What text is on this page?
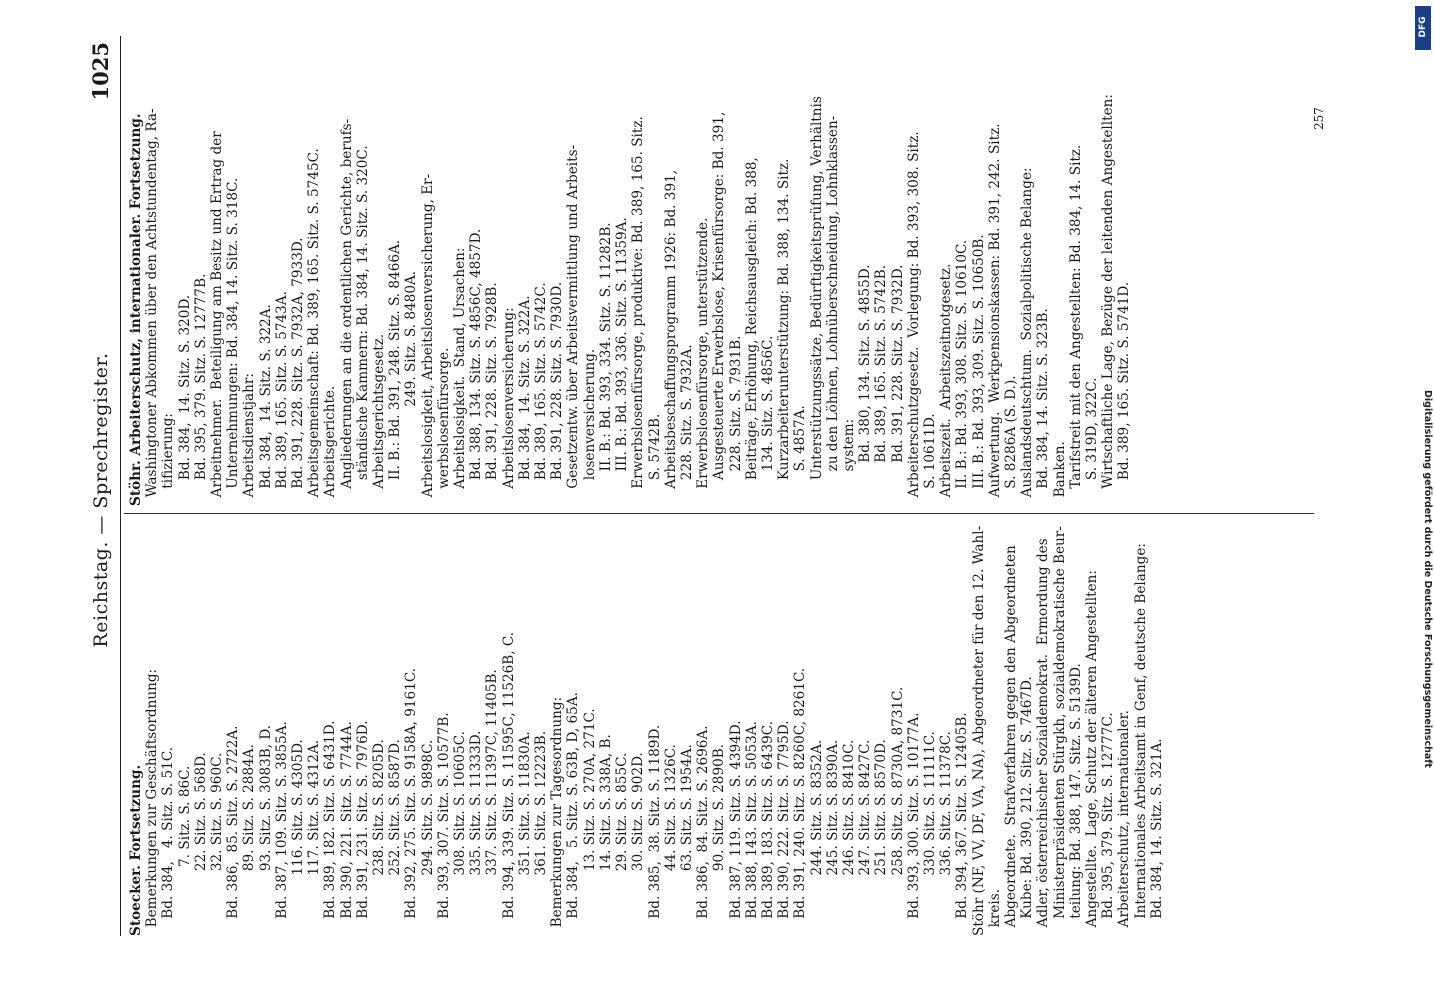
Reichstag. — Sprechregister.
1025
Stoecker. Fortsetzung. Bemerkungen zur Geschäftsordnung: Bd. 384,   4. Sitz. S. 51C. 7. Sitz. S. 86C. 22. Sitz. S. 568D. 32. Sitz. S. 960C. Bd. 386,  85. Sitz. S. 2722A. 89. Sitz. S. 2884A. 93. Sitz. S. 3083B, D. Bd. 387, 109. Sitz. S. 3855A. 116. Sitz. S. 4305D. 117. Sitz. S. 4312A. Bd. 389, 182. Sitz. S. 6431D. Bd. 390, 221. Sitz. S. 7744A. Bd. 391, 231. Sitz. S. 7976D. 238. Sitz. S. 8205D. 252. Sitz. S. 8587D. Bd. 392, 275. Sitz. S. 9158A, 9161C. 294. Sitz. S. 9898C. Bd. 393, 307. Sitz. S. 10577B. 308. Sitz. S. 10605C. 335. Sitz. S. 11333D. 337. Sitz. S. 11397C, 11405B. Bd. 394, 339. Sitz. S. 11595C, 11526B, C. 351. Sitz. S. 11830A. 361. Sitz. S. 12223B. Bemerkungen zur Tagesordnung: Bd. 384,   5. Sitz. S. 63B, D, 65A. 13. Sitz. S. 270A, 271C. 14. Sitz. S. 338A, B. 29. Sitz. S. 855C. 30. Sitz. S. 902D. Bd. 385,  38. Sitz. S. 1189D. 44. Sitz. S. 1326C. 63. Sitz. S. 1954A. Bd. 386,  84. Sitz. S. 2696A. 90. Sitz. S. 2890B. Bd. 387, 119. Sitz. S. 4394D. Bd. 388, 143. Sitz. S. 5053A. Bd. 389, 183. Sitz. S. 6439C. Bd. 390, 222. Sitz. S. 7795D. Bd. 391, 240. Sitz. S. 8260C, 8261C. 244. Sitz. S. 8352A. 245. Sitz. S. 8390A. 246. Sitz. S. 8410C. 247. Sitz. S. 8427C. 251. Sitz. S. 8570D. 258. Sitz. S. 8730A, 8731C. Bd. 393, 300. Sitz. S. 10177A. 330. Sitz. S. 11111C. 336. Sitz. S. 11378C. Bd. 394, 367. Sitz. S. 12405B. Stöhr (NF, VV, DF, VA, NA), Abgeordneter für den 12. Wahl- kreis. Abgeordnete.  Strafverfahren gegen den Abgeordneten Kube: Bd. 390, 212. Sitz. S. 7467D. Adler, österreichischer Sozialdemokrat.  Ermordung des Ministerpräsidenten Stürgkh, sozialdemokratische Beur- teilung: Bd. 388, 147. Sitz. S. 5139D. Angestellte.  Lage, Schutz der älteren Angestellten: Bd. 395, 379. Sitz. S. 12777C. Arbeiterschutz, internationaler. Internationales Arbeitsamt in Genf, deutsche Belange: Bd. 384, 14. Sitz. S. 321A.
Stöhr. Arbeiterschutz, internationaler. Fortsetzung. Washingtoner Abkommen über den Achtstundentag, Ra- tifizierung: Bd. 384,  14. Sitz. S. 320D. Bd. 395, 379. Sitz. S. 12777B. Arbeitnehmer.  Beteiligung am Besitz und Ertrag der Unternehmungen: Bd. 384, 14. Sitz. S. 318C. Arbeitsdienstjahr: Bd. 384,  14. Sitz. S. 322A. Bd. 389, 165. Sitz. S. 5743A. Bd. 391, 228. Sitz. S. 7932A, 7933D. Arbeitsgemeinschaft: Bd. 389, 165. Sitz. S. 5745C. Arbeitsgerichte. Angliederungen an die ordentlichen Gerichte, berufs- ständische Kammern: Bd. 384, 14. Sitz. S. 320C. Arbeitsgerichtsgesetz. II. B.: Bd. 391, 248. Sitz. S. 8466A. 249. Sitz. S. 8480A. Arbeitslosigkeit, Arbeitslosenversicherung, Er- werbslosenfürsorge. Arbeitslosigkeit.  Stand, Ursachen: Bd. 388, 134. Sitz. S. 4856C, 4857D. Bd. 391, 228. Sitz. S. 7928B. Arbeitslosenversicherung: Bd. 384,  14. Sitz. S. 322A. Bd. 389, 165. Sitz. S. 5742C. Bd. 391, 228. Sitz. S. 7930D. Gesetzentw. über Arbeitsvermittlung und Arbeits- losenversicherung. II. B.: Bd. 393, 334. Sitz. S. 11282B. III. B.: Bd. 393, 336. Sitz. S. 11359A. Erwerbslosenfürsorge, produktive: Bd. 389, 165. Sitz. S. 5742B. Arbeitsbeschaffungsprogramm 1926: Bd. 391, 228. Sitz. S. 7932A. Erwerbslosenfürsorge, unterstützende. Ausgesteuerte Erwerbslose, Krisenfürsorge: Bd. 391, 228. Sitz. S. 7931B. Beiträge, Erhöhung, Reichsausgleich: Bd. 388, 134. Sitz. S. 4856C. Kurzarbeiterunterstützung: Bd. 388, 134. Sitz. S. 4857A. Unterstützungssätze, Bedürftigkeitsprüfung, Verhältnis zu den Löhnen, Lohnüberschneidung, Lohnklassen- system: Bd. 380, 134. Sitz. S. 4855D. Bd. 389, 165. Sitz. S. 5742B. Bd. 391, 228. Sitz. S. 7932D. Arbeiterschutzgesetz.  Vorlegung: Bd. 393, 308. Sitz. S. 10611D. Arbeitszeit.  Arbeitszeitnotgesetz. II. B.: Bd. 393, 308. Sitz. S. 10610C. III. B.: Bd. 393, 309. Sitz. S. 10650B. Aufwertung.  Werkpensionskassen: Bd. 391, 242. Sitz. S. 8286A (S. D.). Auslandsdeutschtum.  Sozialpolitische Belange: Bd. 384, 14. Sitz. S. 323B. Banken. Tarifstreit mit den Angestellten: Bd. 384, 14. Sitz. S. 319D, 322C. Wirtschaftliche Lage, Bezüge der leitenden Angestellten: Bd. 389, 165. Sitz. S. 5741D.
257
DFG
Digitalisierung gefördert durch die Deutsche Forschungsgemeinschaft
